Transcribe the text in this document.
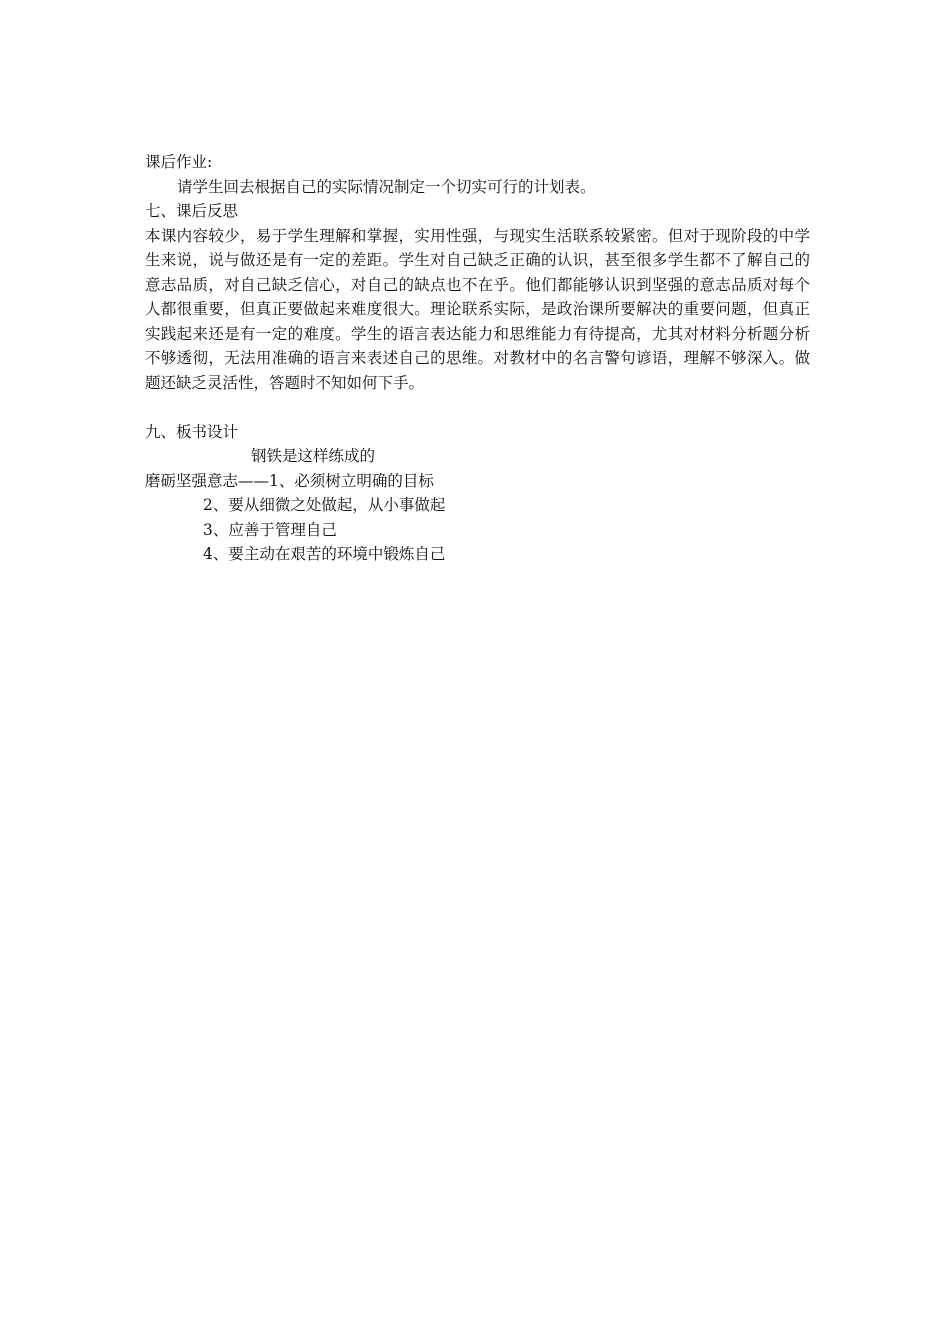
课后作业:
请学生回去根据自己的实际情况制定一个切实可行的计划表。
七、课后反思
本课内容较少，易于学生理解和掌握，实用性强，与现实生活联系较紧密。但对于现阶段的中学生来说，说与做还是有一定的差距。学生对自己缺乏正确的认识，甚至很多学生都不了解自己的意志品质，对自己缺乏信心，对自己的缺点也不在乎。他们都能够认识到坚强的意志品质对每个人都很重要，但真正要做起来难度很大。理论联系实际，是政治课所要解决的重要问题，但真正实践起来还是有一定的难度。学生的语言表达能力和思维能力有待提高，尤其对材料分析题分析不够透彻，无法用准确的语言来表述自己的思维。对教材中的名言警句谚语，理解不够深入。做题还缺乏灵活性，答题时不知如何下手。
九、板书设计
钢铁是这样练成的
磨砺坚强意志——1、必须树立明确的目标
2、要从细微之处做起，从小事做起
3、应善于管理自己
4、要主动在艰苦的环境中锻炼自己
